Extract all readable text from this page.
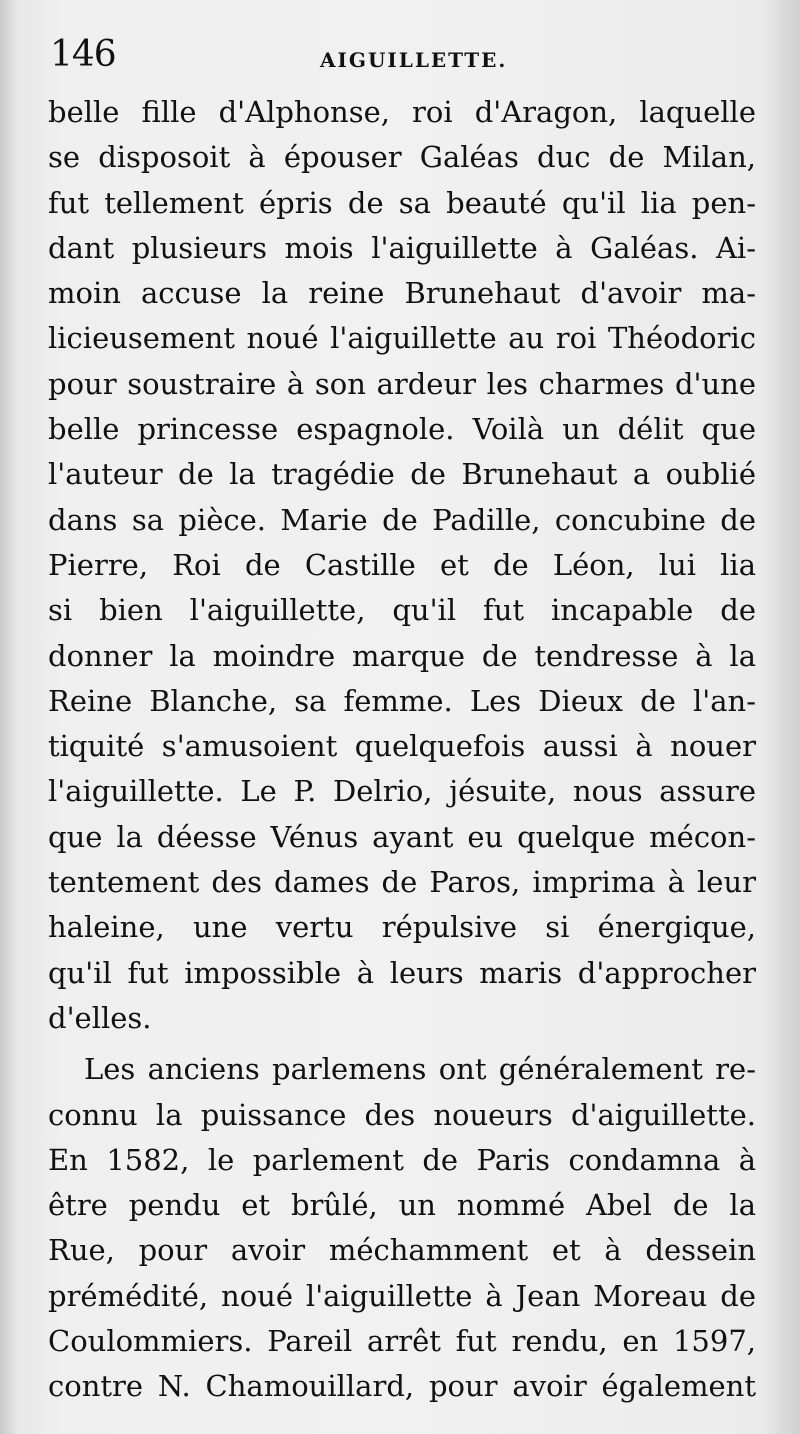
146	AIGUILLETTE.
belle fille d'Alphonse, roi d'Aragon, laquelle
se disposoit à épouser Galéas duc de Milan,
fut tellement épris de sa beauté qu'il lia pen-
dant plusieurs mois l'aiguillette à Galéas. Ai-
moin accuse la reine Brunehaut d'avoir ma-
licieusement noué l'aiguillette au roi Théodoric
pour soustraire à son ardeur les charmes d'une
belle princesse espagnole. Voilà un délit que
l'auteur de la tragédie de Brunehaut a oublié
dans sa pièce. Marie de Padille, concubine de
Pierre, Roi de Castille et de Léon, lui lia
si bien l'aiguillette, qu'il fut incapable de
donner la moindre marque de tendresse à la
Reine Blanche, sa femme. Les Dieux de l'an-
tiquité s'amusoient quelquefois aussi à nouer
l'aiguillette. Le P. Delrio, jésuite, nous assure
que la déesse Vénus ayant eu quelque mécon-
tentement des dames de Paros, imprima à leur
haleine, une vertu répulsive si énergique,
qu'il fut impossible à leurs maris d'approcher
d'elles.
Les anciens parlemens ont généralement re-
connu la puissance des noueurs d'aiguillette.
En 1582, le parlement de Paris condamna à
être pendu et brûlé, un nommé Abel de la
Rue, pour avoir méchamment et à dessein
prémédité, noué l'aiguillette à Jean Moreau de
Coulommiers. Pareil arrêt fut rendu, en 1597,
contre N. Chamouillard, pour avoir également
